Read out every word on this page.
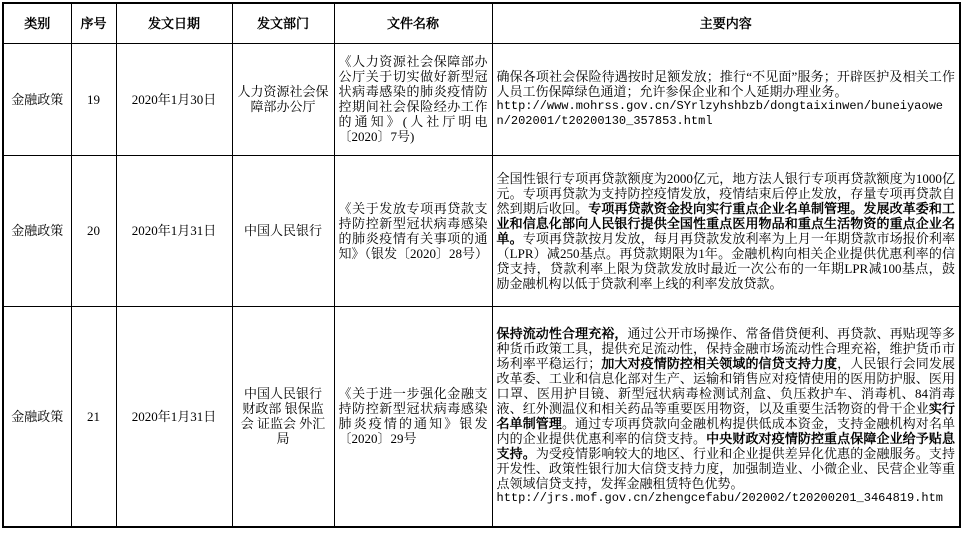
类别	序号	发文日期	发文部门	文件名称	主要内容
金融政策	19	2020年1月30日	人力资源社会保障部办公厅	《人力资源社会保障部办公厅关于切实做好新型冠状病毒感染的肺炎疫情防控期间社会保险经办工作的通知》(人社厅明电〔2020〕7号)	确保各项社会保险待遇按时足额发放；推行“不见面”服务；开辟医护及相关工作人员工伤保障绿色通道；允许参保企业和个人延期办理业务。
http://www.mohrss.gov.cn/SYrlzyhshbzb/dongtaixinwen/buneiyaowen/202001/t20200130_357853.html

金融政策	20	2020年1月31日	中国人民银行	《关于发放专项再贷款支持防控新型冠状病毒感染的肺炎疫情有关事项的通知》（银发〔2020〕28号）	全国性银行专项再贷款额度为2000亿元，地方法人银行专项再贷款额度为1000亿元。专项再贷款为支持防控疫情发放，疫情结束后停止发放，存量专项再贷款自然到期后收回。专项再贷款资金投向实行重点企业名单制管理。发展改革委和工业和信息化部向人民银行提供全国性重点医用物品和重点生活物资的重点企业名单。专项再贷款按月发放，每月再贷款发放利率为上月一年期贷款市场报价利率（LPR）减250基点。再贷款期限为1年。金融机构向相关企业提供优惠利率的信贷支持，贷款利率上限为贷款发放时最近一次公布的一年期LPR减100基点，鼓励金融机构以低于贷款利率上线的利率发放贷款。

金融政策	21	2020年1月31日	中国人民银行 财政部 银保监会 证监会 外汇局	《关于进一步强化金融支持防控新型冠状病毒感染肺炎疫情的通知》银发〔2020〕29号	保持流动性合理充裕，通过公开市场操作、常备借贷便利、再贷款、再贴现等多种货币政策工具，提供充足流动性，保持金融市场流动性合理充裕，维护货币市场利率平稳运行；加大对疫情防控相关领域的信贷支持力度，人民银行会同发展改革委、工业和信息化部对生产、运输和销售应对疫情使用的医用防护服、医用口罩、医用护目镜、新型冠状病毒检测试剂盒、负压救护车、消毒机、84消毒液、红外测温仪和相关药品等重要医用物资，以及重要生活物资的骨干企业实行名单制管理。通过专项再贷款向金融机构提供低成本资金，支持金融机构对名单内的企业提供优惠利率的信贷支持。中央财政对疫情防控重点保障企业给予贴息支持。为受疫情影响较大的地区、行业和企业提供差异化优惠的金融服务。支持开发性、政策性银行加大信贷支持力度，加强制造业、小微企业、民营企业等重点领域信贷支持，发挥金融租赁特色优势。
http://jrs.mof.gov.cn/zhengcefabu/202002/t20200201_3464819.htm
